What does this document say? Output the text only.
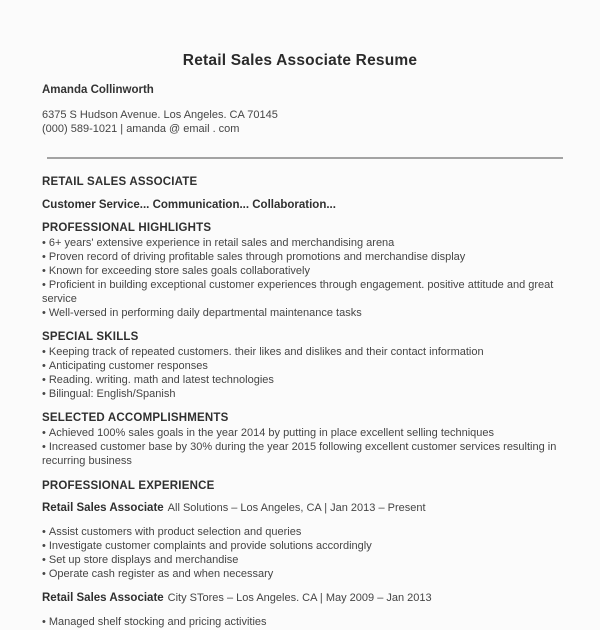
Retail Sales Associate Resume
Amanda Collinworth
6375 S Hudson Avenue. Los Angeles. CA 70145
(000) 589-1021 | amanda @ email . com
RETAIL SALES ASSOCIATE
Customer Service... Communication... Collaboration...
PROFESSIONAL HIGHLIGHTS
• 6+ years' extensive experience in retail sales and merchandising arena
• Proven record of driving profitable sales through promotions and merchandise display
• Known for exceeding store sales goals collaboratively
• Proficient in building exceptional customer experiences through engagement. positive attitude and great service
• Well-versed in performing daily departmental maintenance tasks
SPECIAL SKILLS
• Keeping track of repeated customers. their likes and dislikes and their contact information
• Anticipating customer responses
• Reading. writing. math and latest technologies
• Bilingual: English/Spanish
SELECTED ACCOMPLISHMENTS
• Achieved 100% sales goals in the year 2014 by putting in place excellent selling techniques
• Increased customer base by 30% during the year 2015 following excellent customer services resulting in recurring business
PROFESSIONAL EXPERIENCE
Retail Sales Associate All Solutions – Los Angeles, CA | Jan 2013 – Present
• Assist customers with product selection and queries
• Investigate customer complaints and provide solutions accordingly
• Set up store displays and merchandise
• Operate cash register as and when necessary
Retail Sales Associate City STores – Los Angeles. CA | May 2009 – Jan 2013
• Managed shelf stocking and pricing activities
